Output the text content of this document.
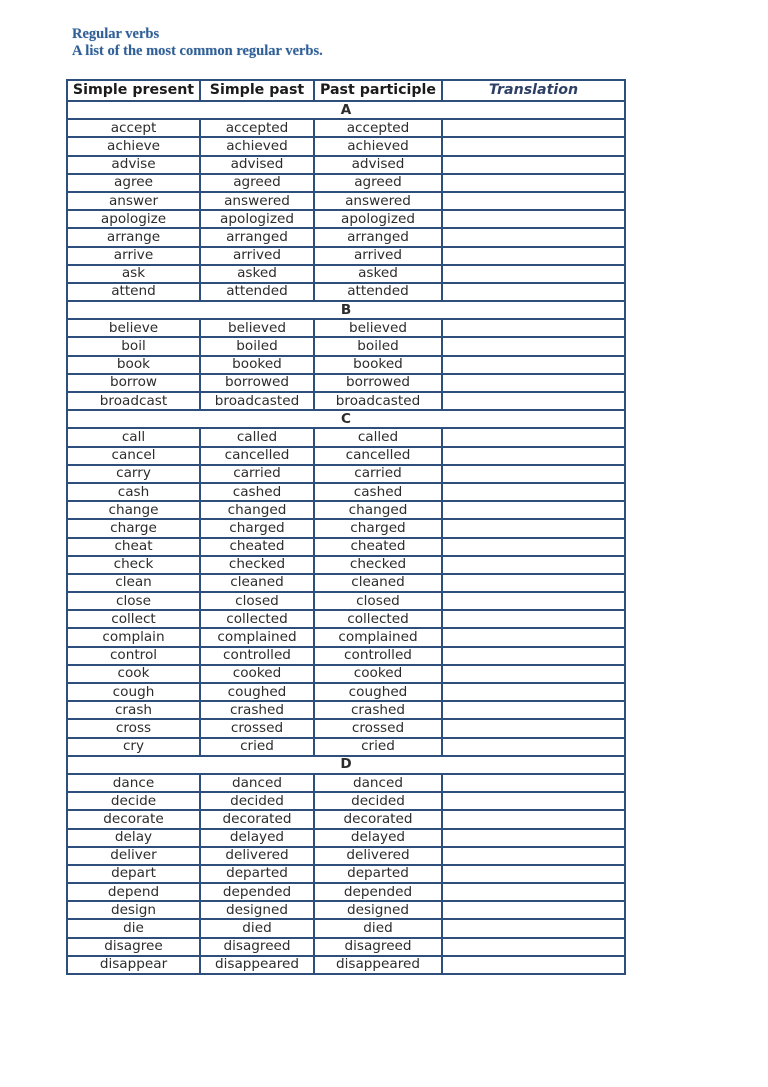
Regular verbs
A list of the most common regular verbs.
Simple present	Simple past	Past participle	Translation
A			
accept	accepted	accepted	
achieve	achieved	achieved	
advise	advised	advised	
agree	agreed	agreed	
answer	answered	answered	
apologize	apologized	apologized	
arrange	arranged	arranged	
arrive	arrived	arrived	
ask	asked	asked	
attend	attended	attended	
B			
believe	believed	believed	
boil	boiled	boiled	
book	booked	booked	
borrow	borrowed	borrowed	
broadcast	broadcasted	broadcasted	
C			
call	called	called	
cancel	cancelled	cancelled	
carry	carried	carried	
cash	cashed	cashed	
change	changed	changed	
charge	charged	charged	
cheat	cheated	cheated	
check	checked	checked	
clean	cleaned	cleaned	
close	closed	closed	
collect	collected	collected	
complain	complained	complained	
control	controlled	controlled	
cook	cooked	cooked	
cough	coughed	coughed	
crash	crashed	crashed	
cross	crossed	crossed	
cry	cried	cried	
D			
dance	danced	danced	
decide	decided	decided	
decorate	decorated	decorated	
delay	delayed	delayed	
deliver	delivered	delivered	
depart	departed	departed	
depend	depended	depended	
design	designed	designed	
die	died	died	
disagree	disagreed	disagreed	
disappear	disappeared	disappeared	
